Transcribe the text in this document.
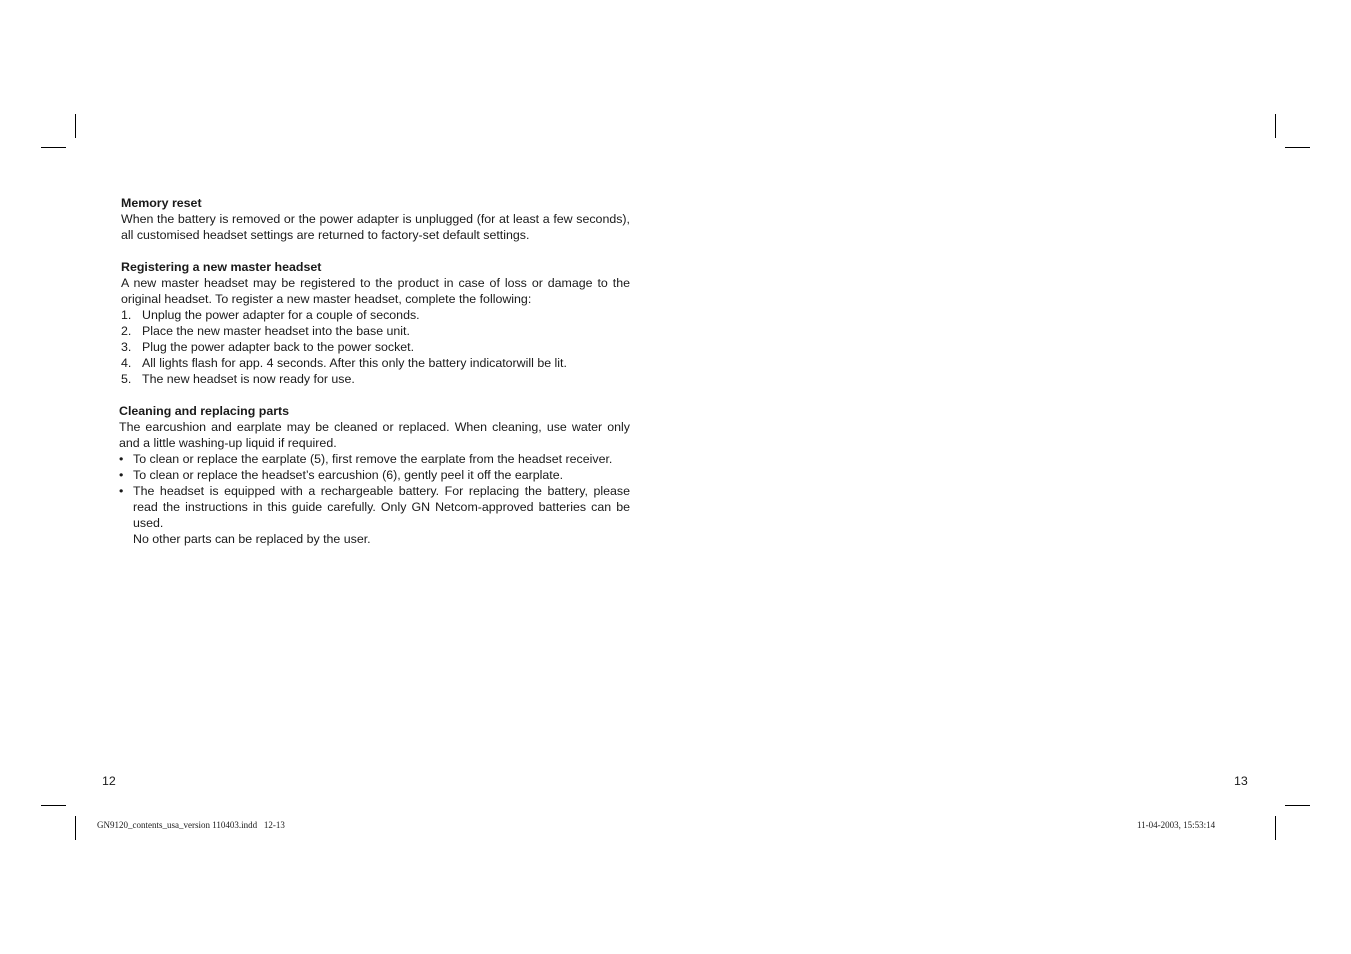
Memory reset

When the battery is removed or the power adapter is unplugged (for at least a few seconds), all customised headset settings are returned to factory-set default settings.

Registering a new master headset

A new master headset may be registered to the product in case of loss or damage to the original headset. To register a new master headset, complete the following:

1. Unplug the power adapter for a couple of seconds.
2. Place the new master headset into the base unit.
3. Plug the power adapter back to the power socket.
4. All lights flash for app. 4 seconds. After this only the battery indicatorwill be lit.
5. The new headset is now ready for use.
Cleaning and replacing parts

The earcushion and earplate may be cleaned or replaced. When cleaning, use water only and a little washing-up liquid if required.

• To clean or replace the earplate (5), first remove the earplate from the headset receiver.
• To clean or replace the headset’s earcushion (6), gently peel it off the earplate.
• The headset is equipped with a rechargeable battery. For replacing the battery, please read the instructions in this guide carefully. Only GN Netcom-approved batteries can be used.
No other parts can be replaced by the user.
12	13
GN9120_contents_usa_version 110403.indd   12-13	11-04-2003, 15:53:14
